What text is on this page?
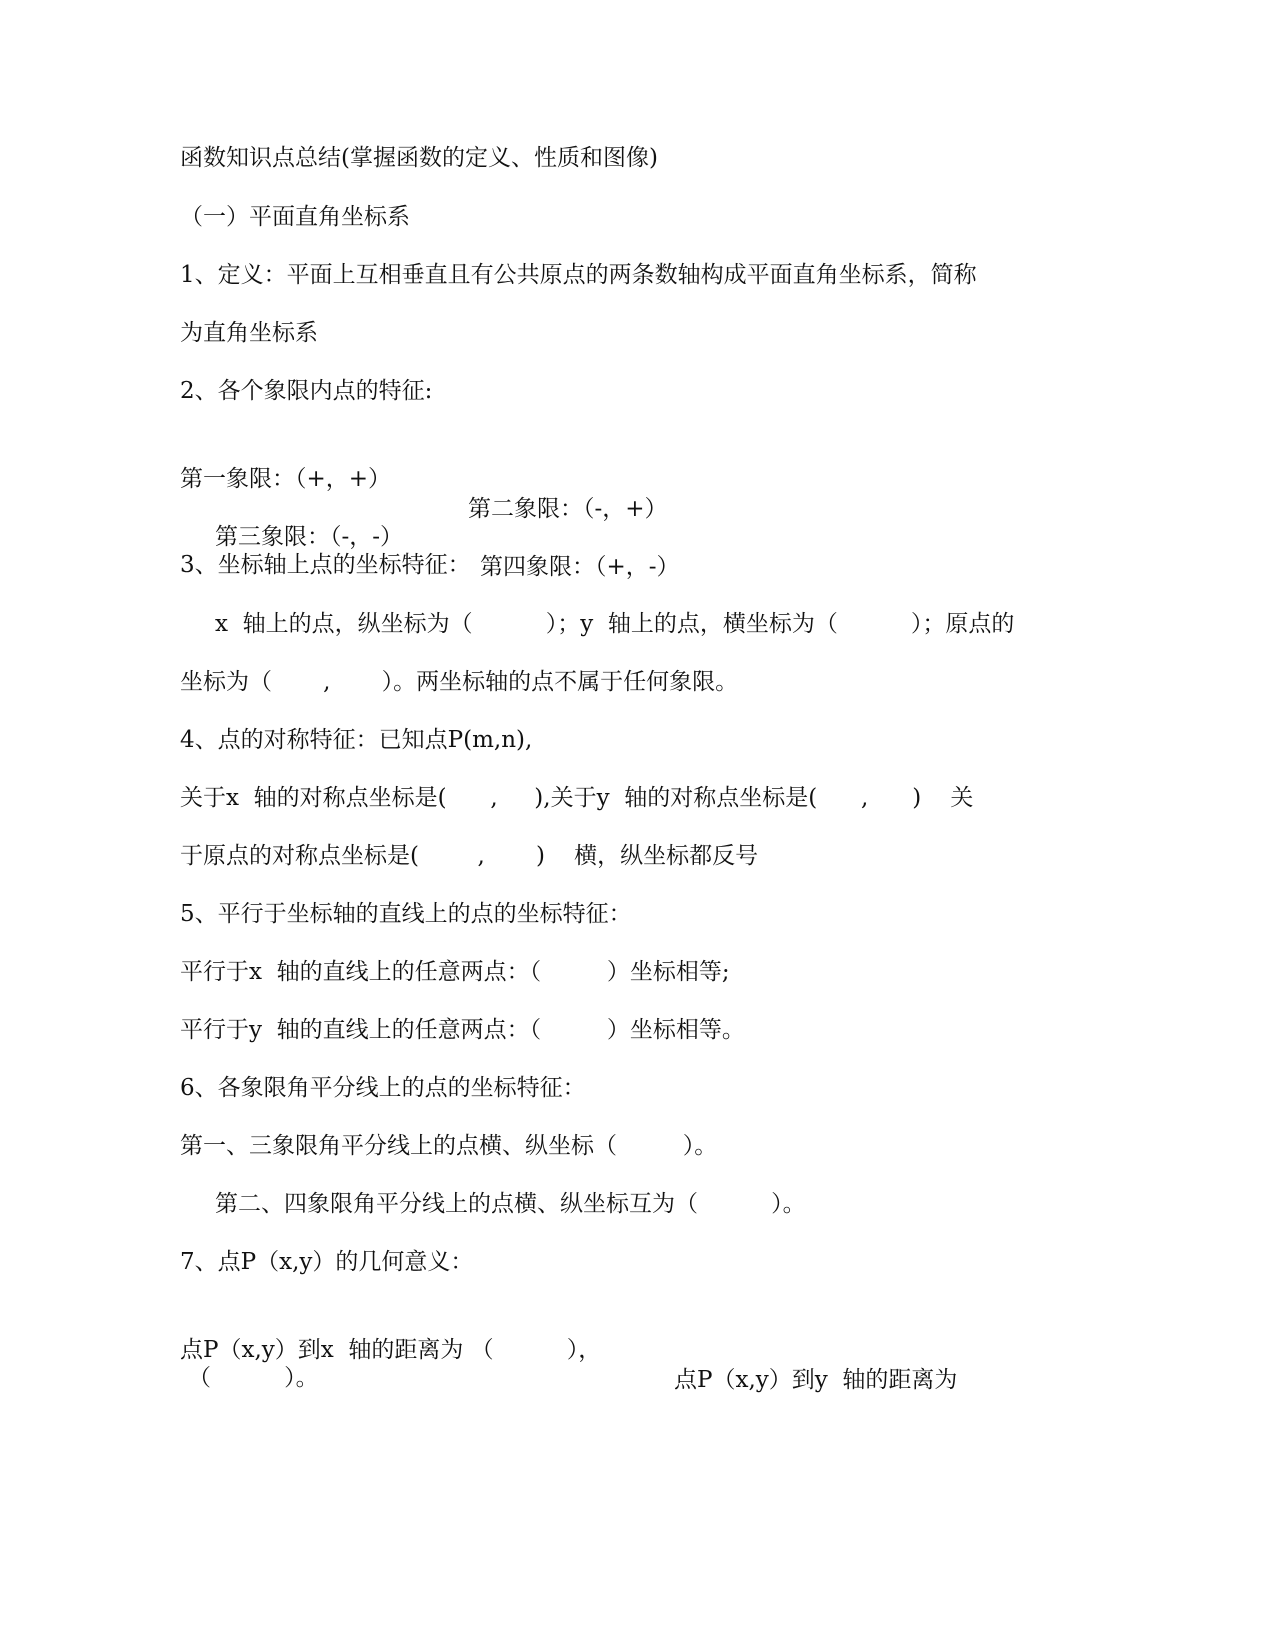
函数知识点总结(掌握函数的定义、性质和图像)
（一）平面直角坐标系
1、定义：平面上互相垂直且有公共原点的两条数轴构成平面直角坐标系，简称
为直角坐标系
2、各个象限内点的特征:

第一象限：（+，+）

第二象限：（-，+）

第三象限：（-，-）

第四象限：（+，-）

3、坐标轴上点的坐标特征：
x  轴上的点，纵坐标为（          ）；y  轴上的点，横坐标为（          ）；原点的
坐标为（       ,       ）。两坐标轴的点不属于任何象限。
4、点的对称特征：已知点P(m,n),
关于x  轴的对称点坐标是(      ,     ),关于y  轴的对称点坐标是(      ,      )    关
于原点的对称点坐标是(        ,       )    横，纵坐标都反号
5、平行于坐标轴的直线上的点的坐标特征：
平行于x  轴的直线上的任意两点：（         ）坐标相等;
平行于y  轴的直线上的任意两点：（         ）坐标相等。
6、各象限角平分线上的点的坐标特征：
第一、三象限角平分线上的点横、纵坐标（         ）。
第二、四象限角平分线上的点横、纵坐标互为（          ）。
7、点P（x,y）的几何意义：

点P（x,y）到x  轴的距离为 （          ），

点P（x,y）到y  轴的距离为

（          ）。
